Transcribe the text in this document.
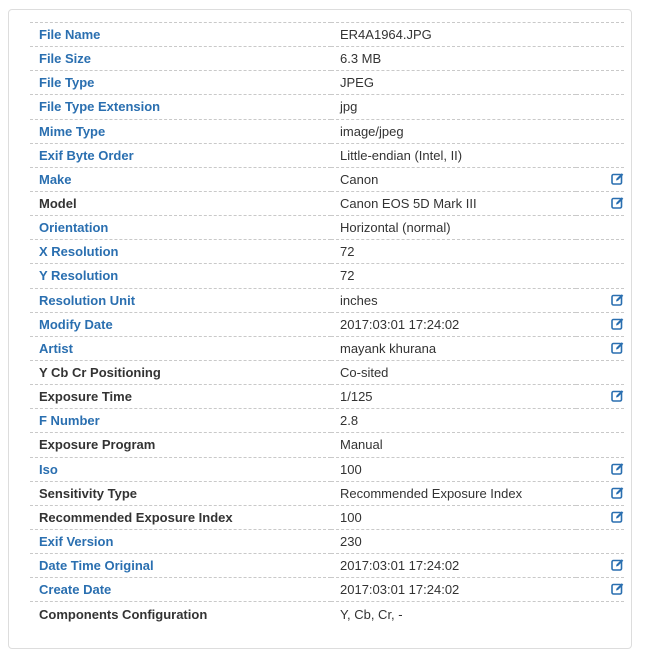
File Name	ER4A1964.JPG	
File Size	6.3 MB	
File Type	JPEG	
File Type Extension	jpg	
Mime Type	image/jpeg	
Exif Byte Order	Little-endian (Intel, II)	
Make	Canon	

Model	Canon EOS 5D Mark III	

Orientation	Horizontal (normal)	
X Resolution	72	
Y Resolution	72	
Resolution Unit	inches	

Modify Date	2017:03:01 17:24:02	

Artist	mayank khurana	

Y Cb Cr Positioning	Co-sited	
Exposure Time	1/125	

F Number	2.8	
Exposure Program	Manual	
Iso	100	

Sensitivity Type	Recommended Exposure Index	

Recommended Exposure Index	100	

Exif Version	230	
Date Time Original	2017:03:01 17:24:02	

Create Date	2017:03:01 17:24:02	

Components Configuration	Y, Cb, Cr, -	
